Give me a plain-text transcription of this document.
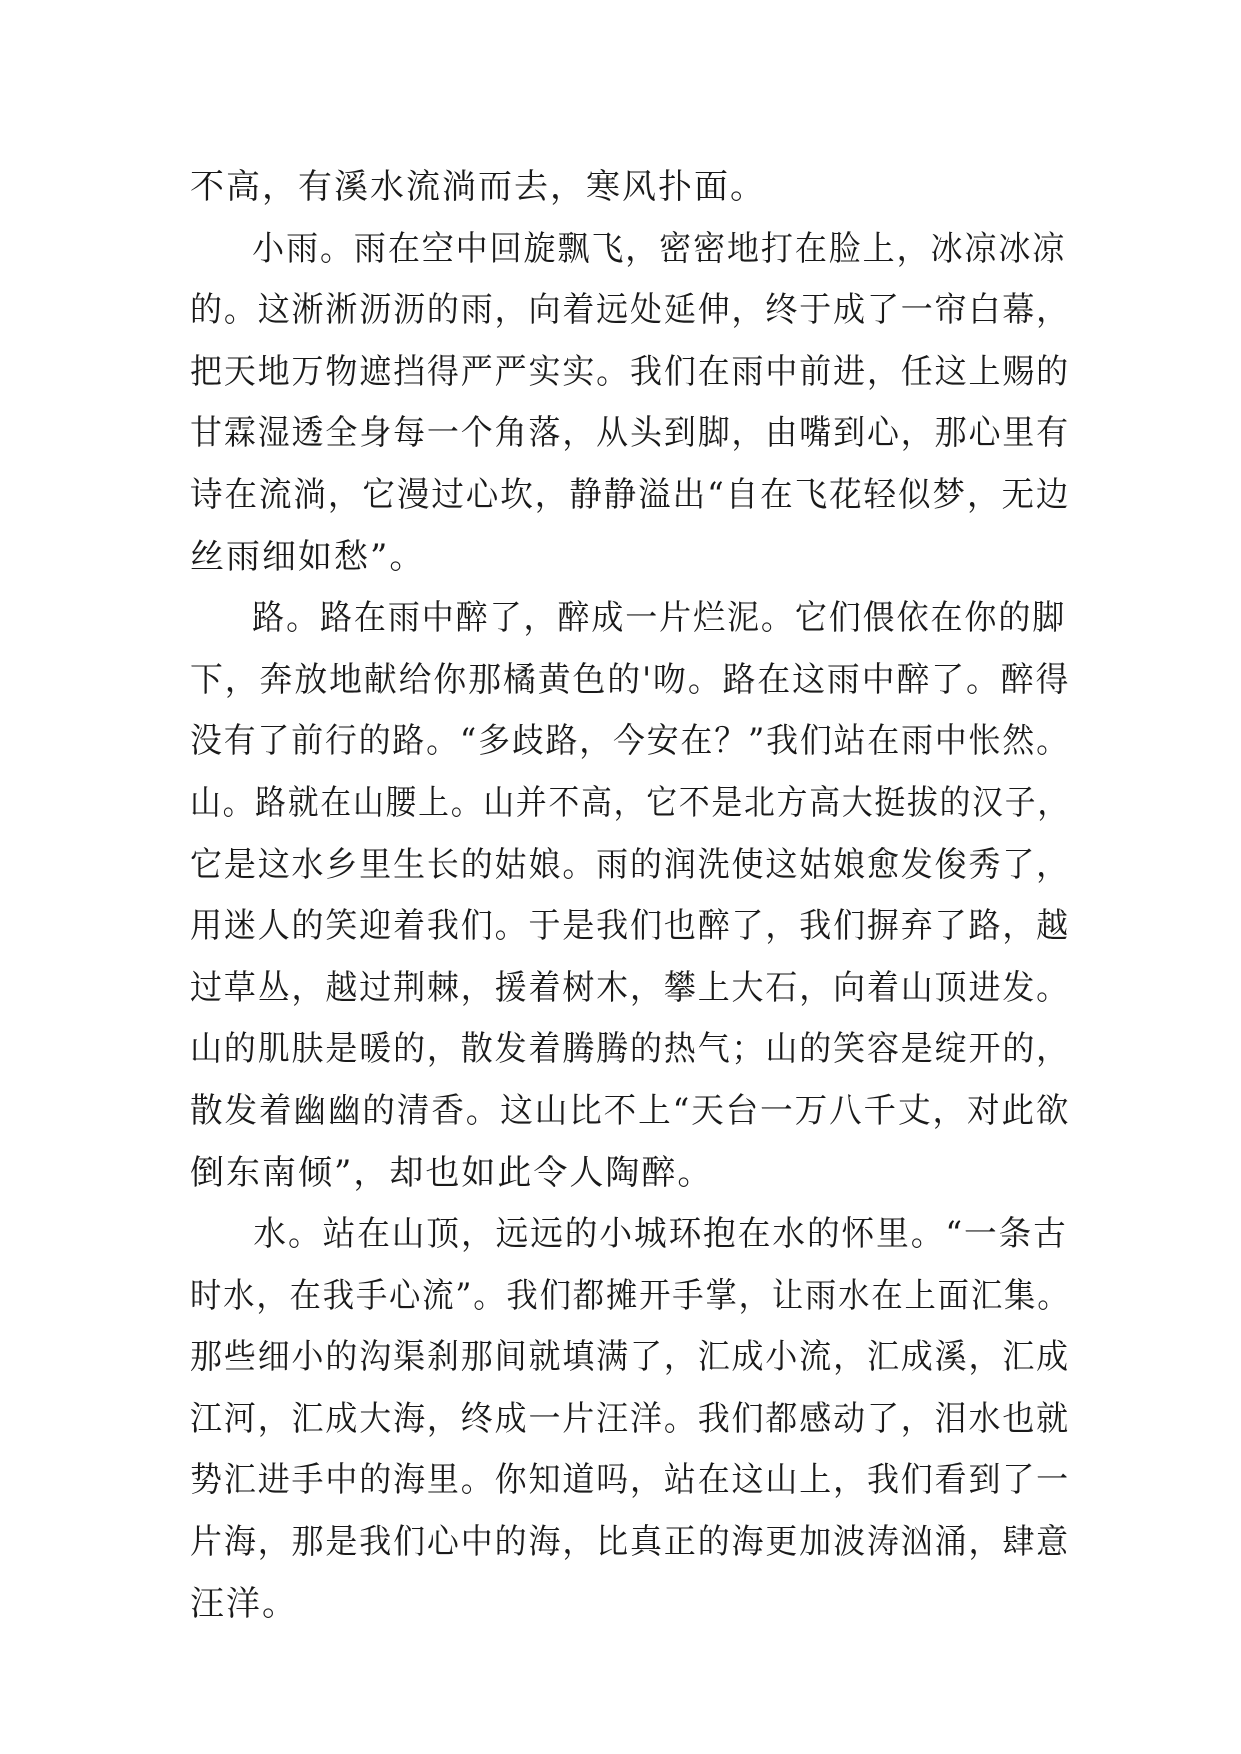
不高，有溪水流淌而去，寒风扑面。
小雨。雨在空中回旋飘飞，密密地打在脸上，冰凉冰凉
的。这淅淅沥沥的雨，向着远处延伸，终于成了一帘白幕，
把天地万物遮挡得严严实实。我们在雨中前进，任这上赐的
甘霖湿透全身每一个角落，从头到脚，由嘴到心，那心里有
诗在流淌，它漫过心坎，静静溢出“自在飞花轻似梦，无边
丝雨细如愁”。
路。路在雨中醉了，醉成一片烂泥。它们偎依在你的脚
下，奔放地献给你那橘黄色的'吻。路在这雨中醉了。醉得
没有了前行的路。“多歧路，今安在？”我们站在雨中怅然。
山。路就在山腰上。山并不高，它不是北方高大挺拔的汉子，
它是这水乡里生长的姑娘。雨的润洗使这姑娘愈发俊秀了，
用迷人的笑迎着我们。于是我们也醉了，我们摒弃了路，越
过草丛，越过荆棘，援着树木，攀上大石，向着山顶进发。
山的肌肤是暖的，散发着腾腾的热气；山的笑容是绽开的，
散发着幽幽的清香。这山比不上“天台一万八千丈，对此欲
倒东南倾”，却也如此令人陶醉。
水。站在山顶，远远的小城环抱在水的怀里。“一条古
时水，在我手心流”。我们都摊开手掌，让雨水在上面汇集。
那些细小的沟渠刹那间就填满了，汇成小流，汇成溪，汇成
江河，汇成大海，终成一片汪洋。我们都感动了，泪水也就
势汇进手中的海里。你知道吗，站在这山上，我们看到了一
片海，那是我们心中的海，比真正的海更加波涛汹涌，肆意
汪洋。
